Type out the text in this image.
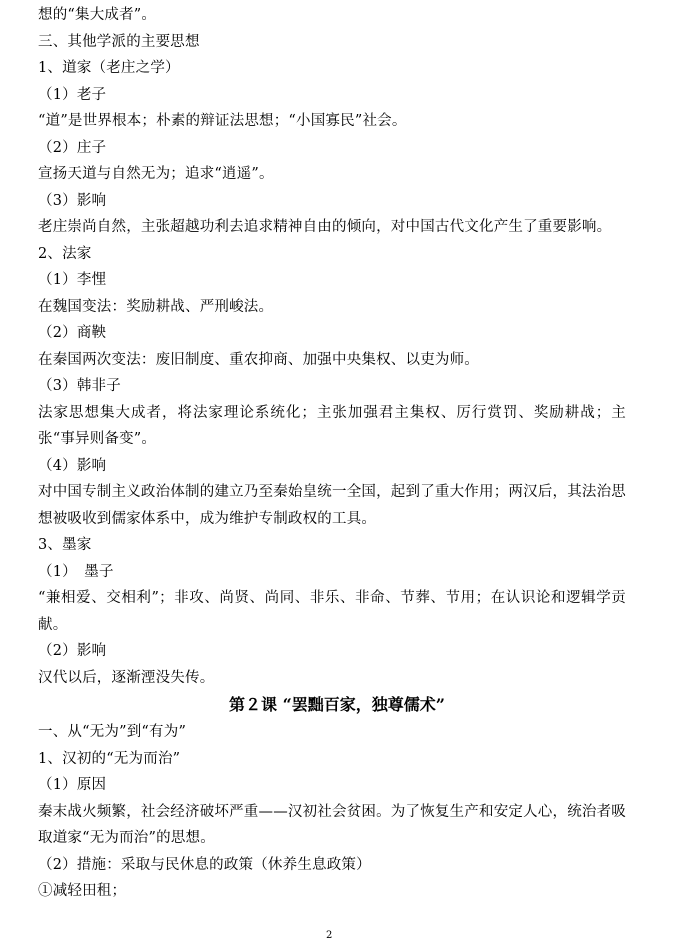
想的“集大成者”。
三、其他学派的主要思想
1、道家（老庄之学）
（1）老子
“道”是世界根本；朴素的辩证法思想；“小国寡民”社会。
（2）庄子
宣扬天道与自然无为；追求“逍遥”。
（3）影响
老庄崇尚自然，主张超越功利去追求精神自由的倾向，对中国古代文化产生了重要影响。
2、法家
（1）李悝
在魏国变法：奖励耕战、严刑峻法。
（2）商鞅
在秦国两次变法：废旧制度、重农抑商、加强中央集权、以吏为师。
（3）韩非子
法家思想集大成者，将法家理论系统化；主张加强君主集权、厉行赏罚、奖励耕战；主张“事异则备变”。
（4）影响
对中国专制主义政治体制的建立乃至秦始皇统一全国，起到了重大作用；两汉后，其法治思想被吸收到儒家体系中，成为维护专制政权的工具。
3、墨家
（1）　墨子
“兼相爱、交相利”；非攻、尚贤、尚同、非乐、非命、节葬、节用；在认识论和逻辑学贡献。
（2）影响
汉代以后，逐渐湮没失传。
第２课 “罢黜百家，独尊儒术”
一、从“无为”到“有为”
1、汉初的“无为而治”
（1）原因
秦末战火频繁，社会经济破坏严重——汉初社会贫困。为了恢复生产和安定人心，统治者吸取道家“无为而治”的思想。
（2）措施：采取与民休息的政策（休养生息政策）
①减轻田租；
2
